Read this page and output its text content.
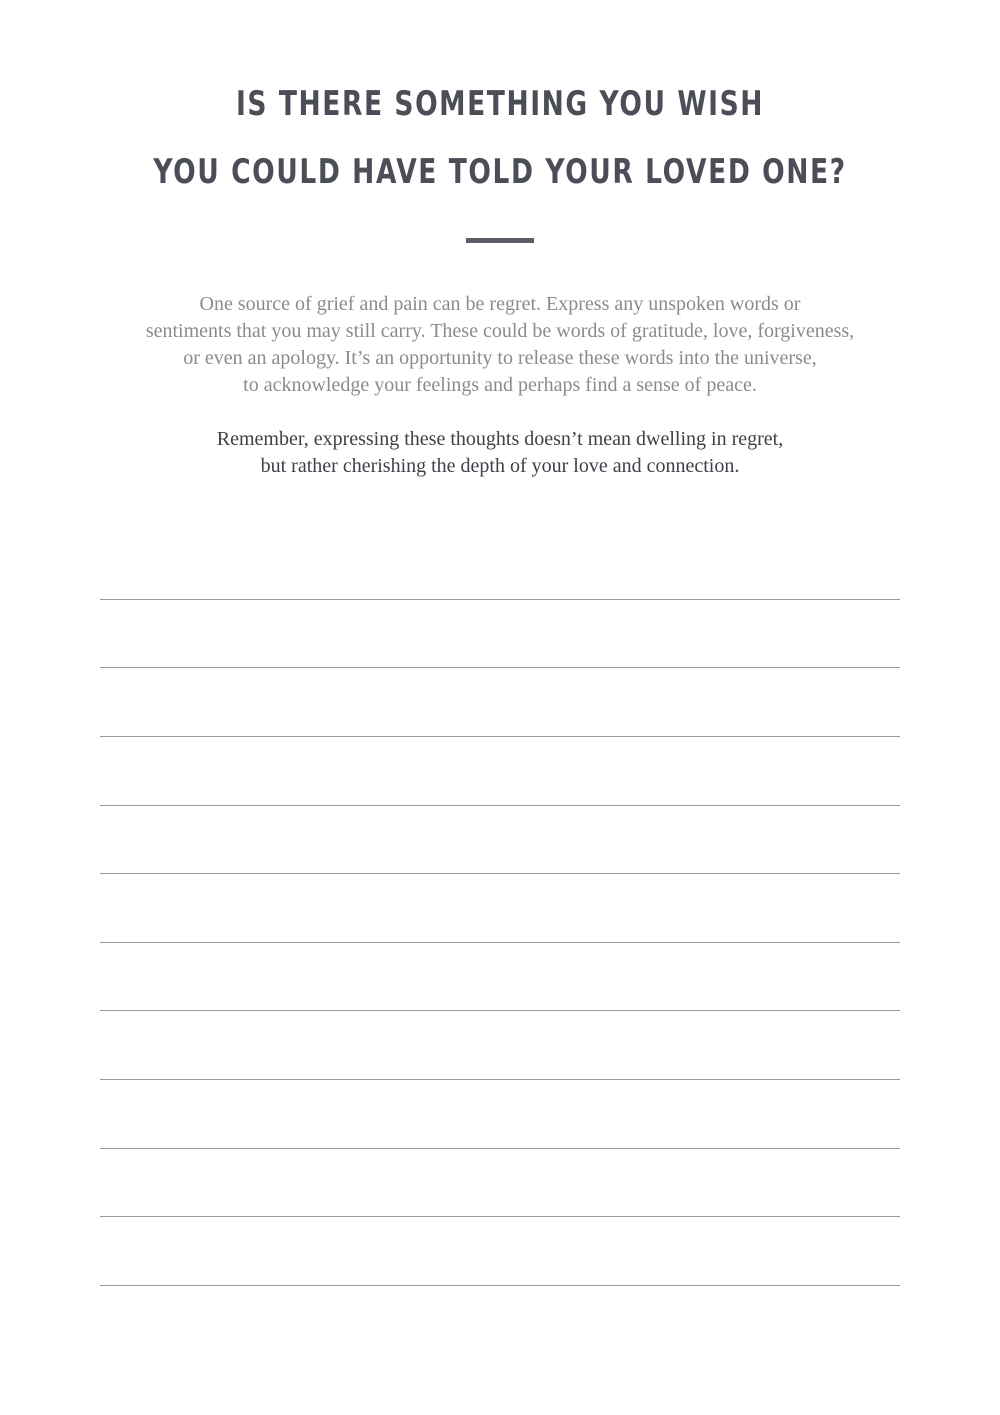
IS THERE SOMETHING YOU WISH
YOU COULD HAVE TOLD YOUR LOVED ONE?
One source of grief and pain can be regret. Express any unspoken words or
sentiments that you may still carry. These could be words of gratitude, love, forgiveness,
or even an apology. It’s an opportunity to release these words into the universe,
to acknowledge your feelings and perhaps find a sense of peace.
Remember, expressing these thoughts doesn’t mean dwelling in regret,
but rather cherishing the depth of your love and connection.
